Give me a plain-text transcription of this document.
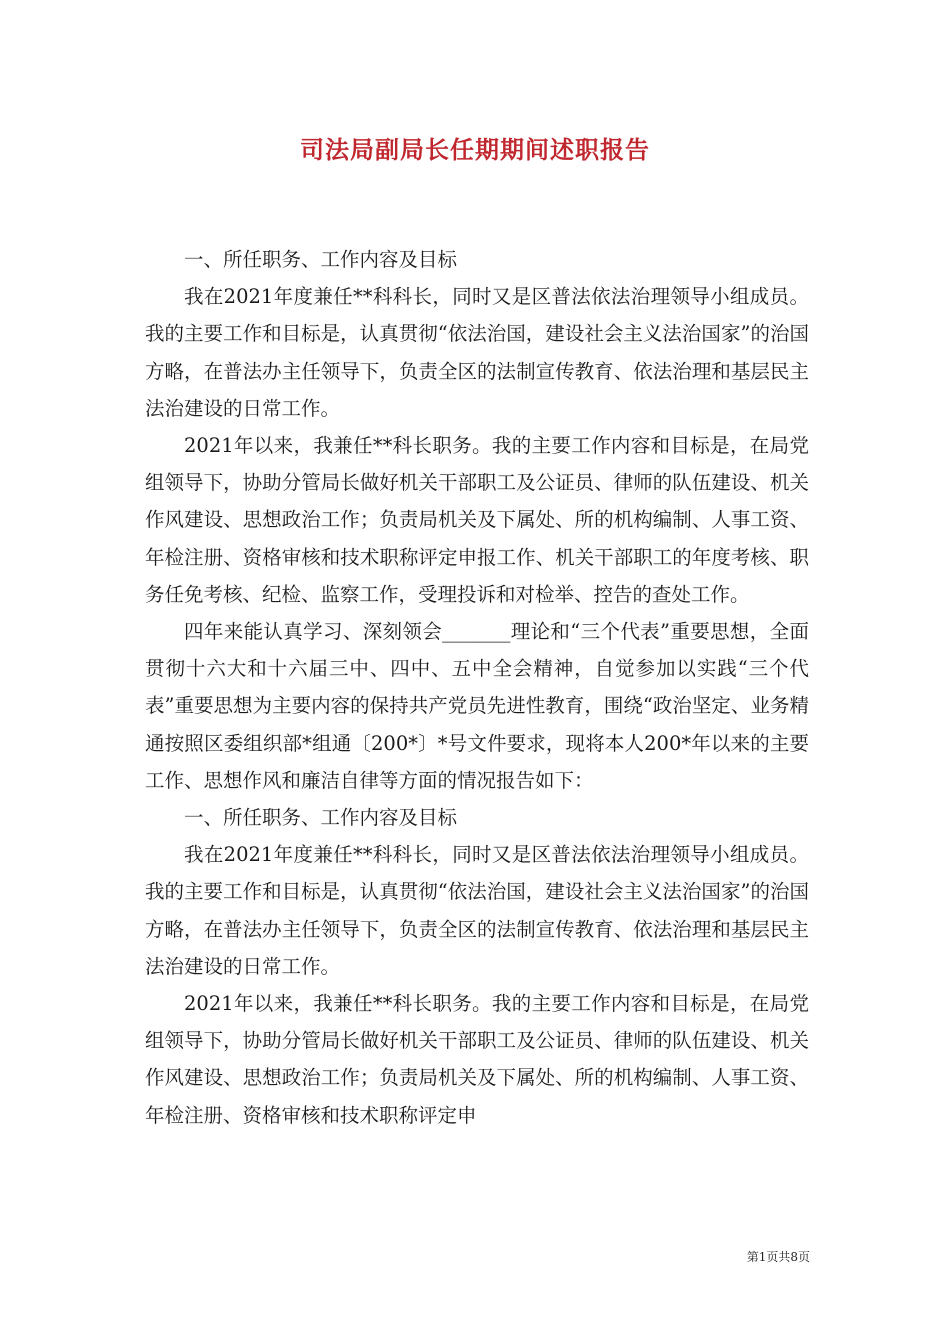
司法局副局长任期期间述职报告

一、所任职务、工作内容及目标

我在2021年度兼任**科科长，同时又是区普法依法治理领导小组成员。我的主要工作和目标是，认真贯彻“依法治国，建设社会主义法治国家”的治国方略，在普法办主任领导下，负责全区的法制宣传教育、依法治理和基层民主法治建设的日常工作。

2021年以来，我兼任**科长职务。我的主要工作内容和目标是，在局党组领导下，协助分管局长做好机关干部职工及公证员、律师的队伍建设、机关作风建设、思想政治工作；负责局机关及下属处、所的机构编制、人事工资、年检注册、资格审核和技术职称评定申报工作、机关干部职工的年度考核、职务任免考核、纪检、监察工作，受理投诉和对检举、控告的查处工作。

四年来能认真学习、深刻领会_______理论和“三个代表”重要思想，全面贯彻十六大和十六届三中、四中、五中全会精神，自觉参加以实践“三个代表”重要思想为主要内容的保持共产党员先进性教育，围绕“政治坚定、业务精通按照区委组织部*组通〔200*〕*号文件要求，现将本人200*年以来的主要工作、思想作风和廉洁自律等方面的情况报告如下：

一、所任职务、工作内容及目标

我在2021年度兼任**科科长，同时又是区普法依法治理领导小组成员。我的主要工作和目标是，认真贯彻“依法治国，建设社会主义法治国家”的治国方略，在普法办主任领导下，负责全区的法制宣传教育、依法治理和基层民主法治建设的日常工作。

2021年以来，我兼任**科长职务。我的主要工作内容和目标是，在局党组领导下，协助分管局长做好机关干部职工及公证员、律师的队伍建设、机关作风建设、思想政治工作；负责局机关及下属处、所的机构编制、人事工资、年检注册、资格审核和技术职称评定申

第1页共8页
